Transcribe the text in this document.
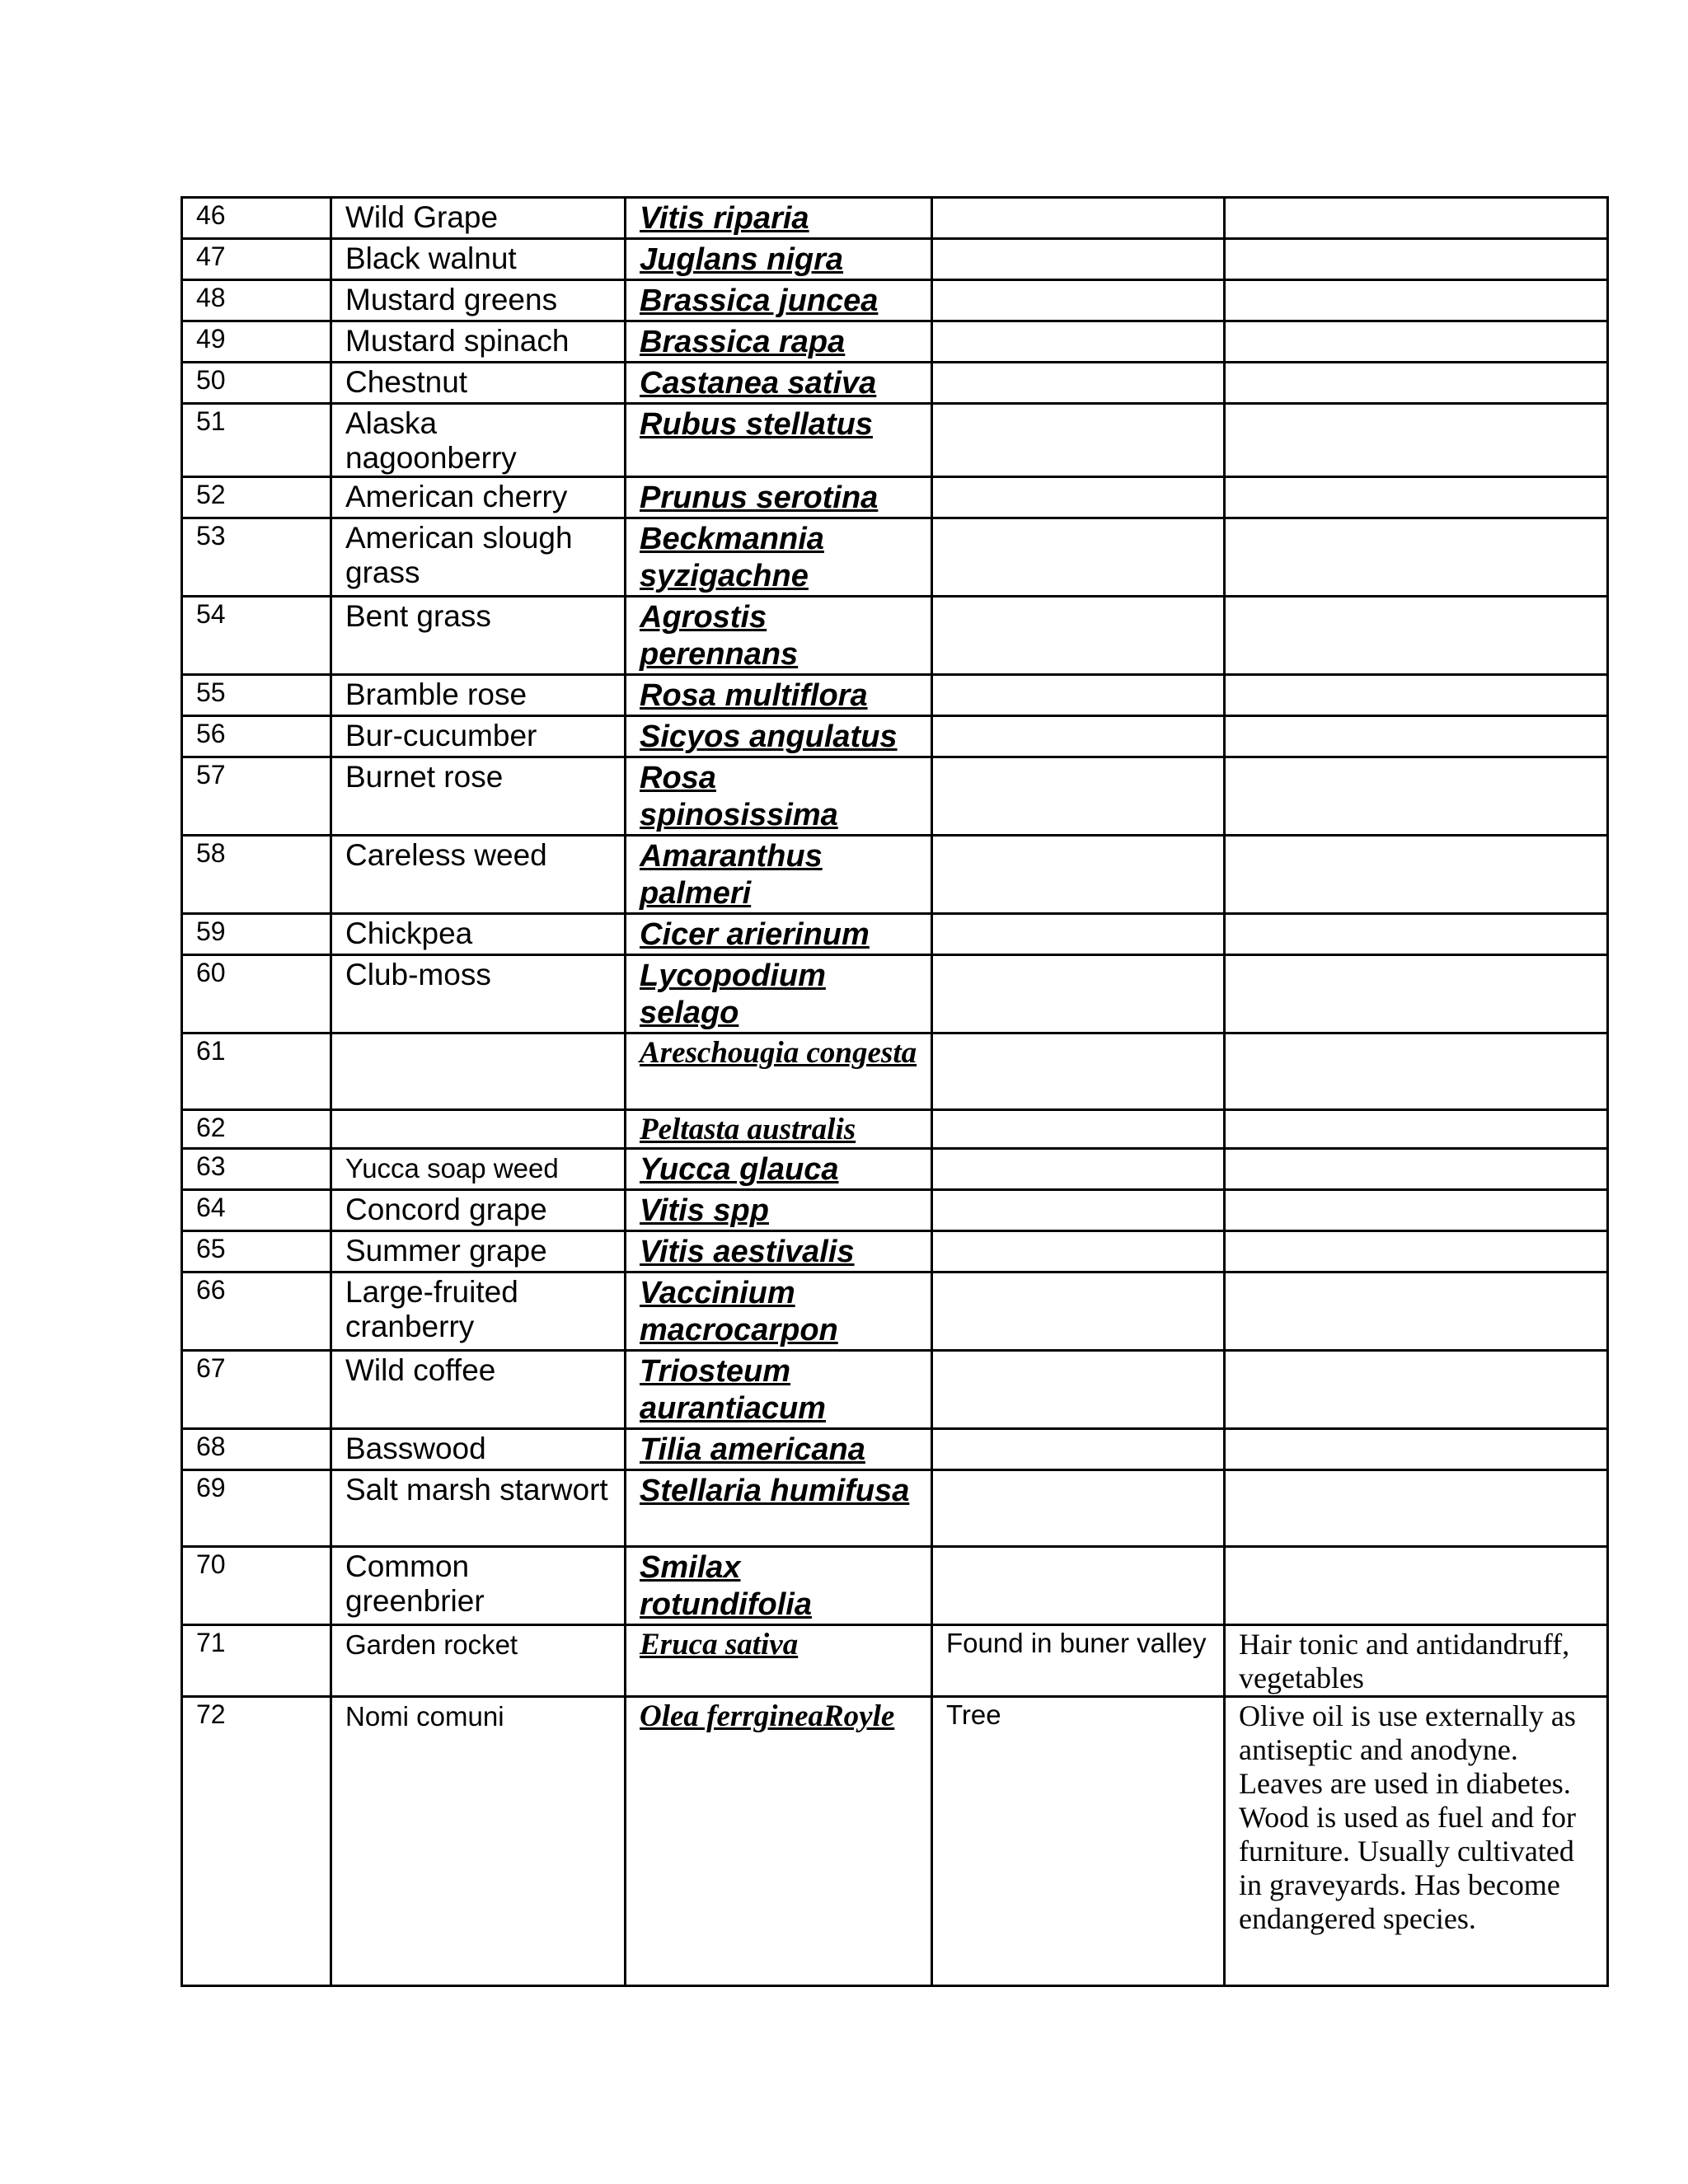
46	Wild Grape	Vitis riparia		
47	Black walnut	Juglans nigra		
48	Mustard greens	Brassica juncea		
49	Mustard spinach	Brassica rapa		
50	Chestnut	Castanea sativa		
51	Alaska nagoonberry	Rubus stellatus		
52	American cherry	Prunus serotina		
53	American slough grass	Beckmannia syzigachne		
54	Bent grass	Agrostis perennans		
55	Bramble rose	Rosa multiflora		
56	Bur-cucumber	Sicyos angulatus		
57	Burnet rose	Rosa spinosissima		
58	Careless weed	Amaranthus palmeri		
59	Chickpea	Cicer arierinum		
60	Club-moss	Lycopodium selago		
61		Areschougia congesta		
62		Peltasta australis		
63	Yucca soap weed	Yucca glauca		
64	Concord grape	Vitis spp		
65	Summer grape	Vitis aestivalis		
66	Large-fruited cranberry	Vaccinium macrocarpon		
67	Wild coffee	Triosteum aurantiacum		
68	Basswood	Tilia americana		
69	Salt marsh starwort	Stellaria humifusa		
70	Common greenbrier	Smilax rotundifolia		
71	Garden rocket	Eruca sativa	Found in buner valley	Hair tonic and antidandruff, vegetables
72	Nomi comuni	Olea ferrgineaRoyle	Tree	Olive oil is use externally as antiseptic and anodyne. Leaves are used in diabetes. Wood is used as fuel and for furniture. Usually cultivated in graveyards. Has become endangered species.
